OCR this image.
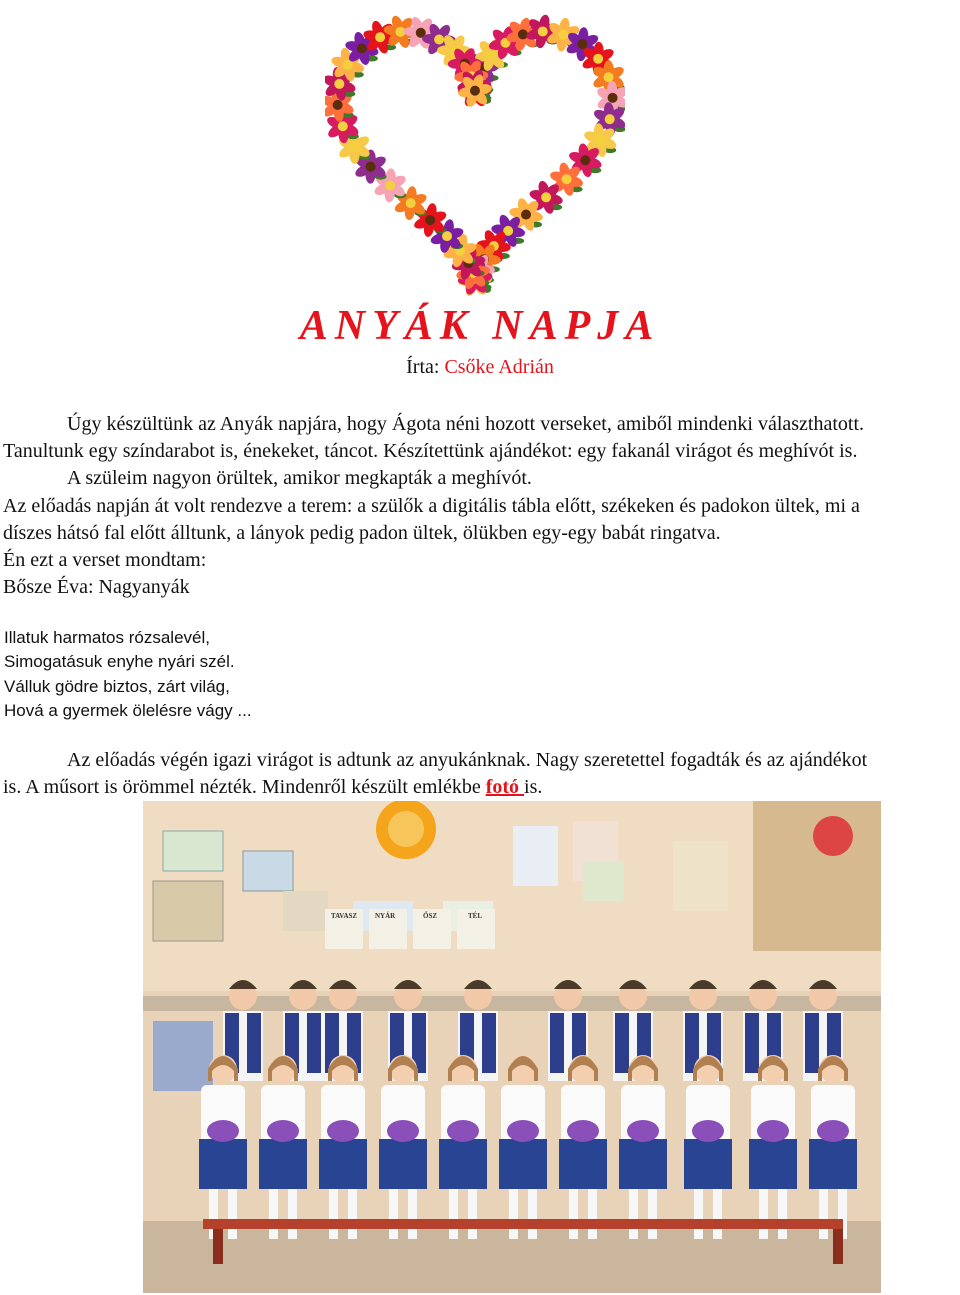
ANYÁK NAPJA
Írta: Csőke Adrián

Úgy készültünk az Anyák napjára, hogy Ágota néni hozott verseket, amiből mindenki választhatott.

Tanultunk egy színdarabot is, énekeket, táncot. Készítettünk ajándékot: egy fakanál virágot és meghívót is.

A szüleim nagyon örültek, amikor megkapták a meghívót.

Az előadás napján át volt rendezve a terem: a szülők a digitális tábla előtt, székeken és padokon ültek, mi a

díszes hátsó fal előtt álltunk, a lányok pedig padon ültek, ölükben egy-egy babát ringatva.

Én ezt a verset mondtam:

Bősze Éva: Nagyanyák

Illatuk harmatos rózsalevél,

Simogatásuk enyhe nyári szél.

Válluk gödre biztos, zárt világ,

Hová a gyermek ölelésre vágy ...

Az előadás végén igazi virágot is adtunk az anyukánknak. Nagy szeretettel fogadták és az ajándékot

is. A műsort is örömmel nézték. Mindenről készült emlékbe fotó is.

TAVASZ	NYÁR	ŐSZ	TÉL
